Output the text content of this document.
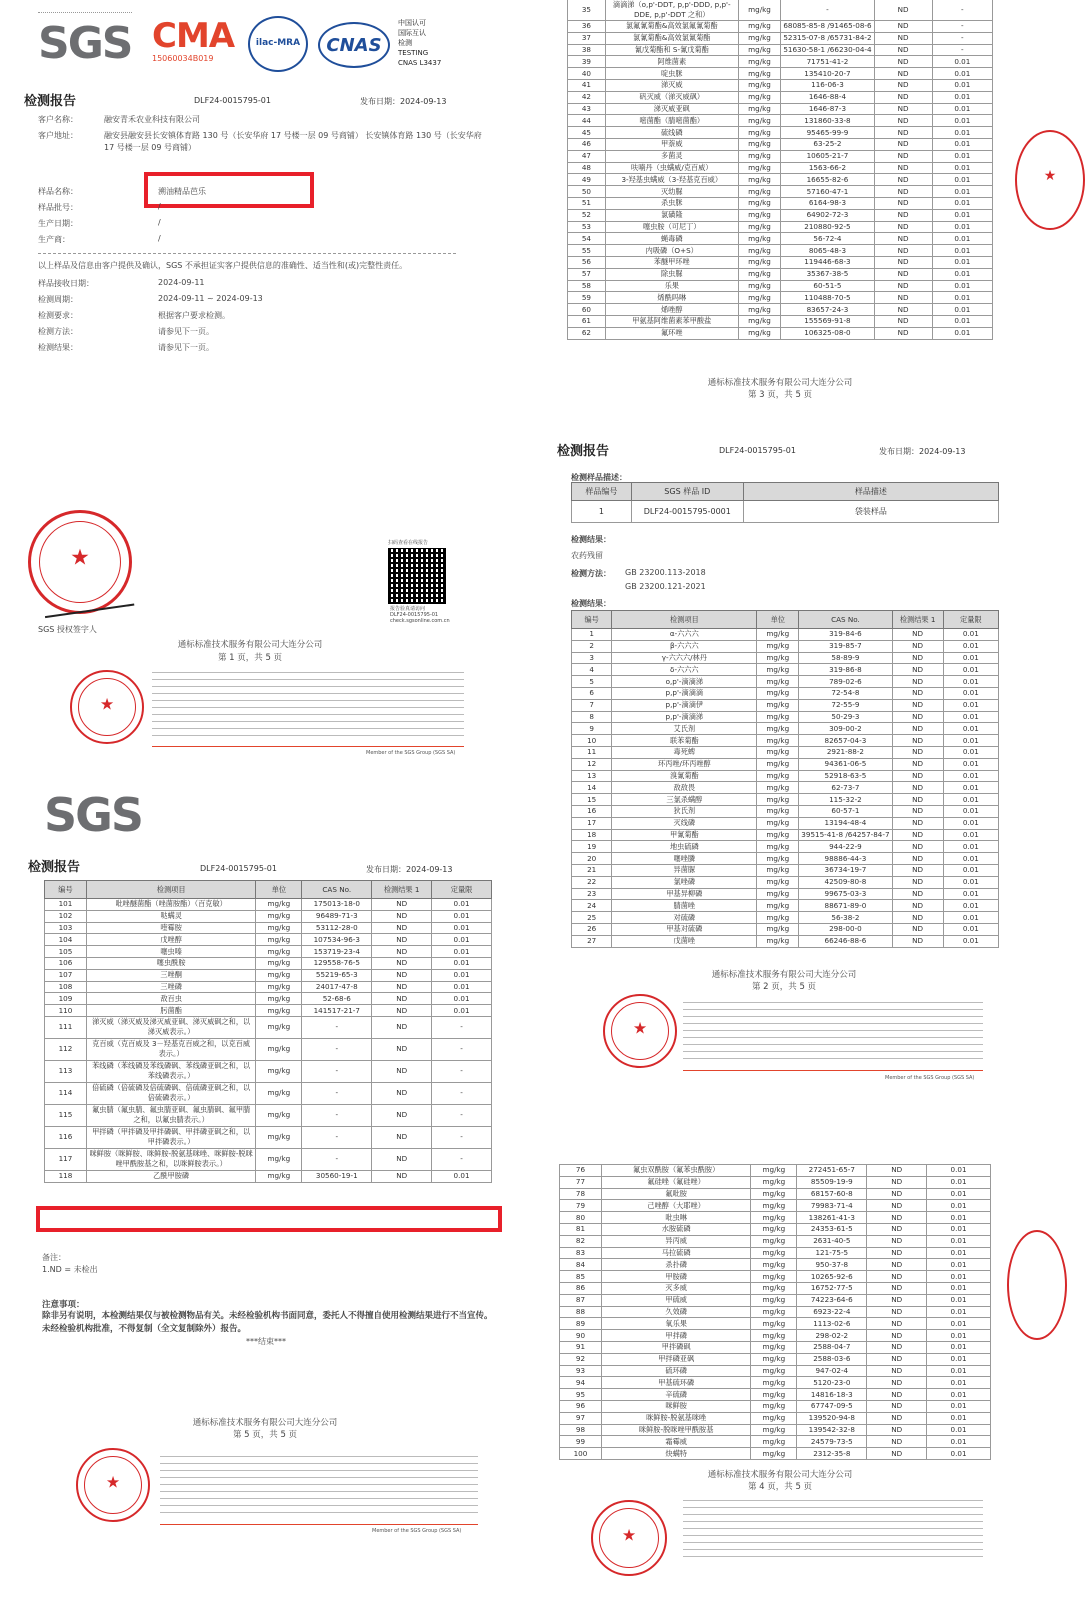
SGS CMA
15060034B019
ilac-MRA	CNAS
中国认可
国际互认
检测
TESTING
CNAS L3437
检测报告	DLF24-0015795-01	发布日期：2024-09-13
客户名称：	融安青禾农业科技有限公司
客户地址：	融安县融安县长安镇体育路 130 号（长安华府 17 号楼一层 09 号商铺） 长安镇体育路 130 号（长安华府 17 号楼一层 09 号商铺）
样品名称：	溯油精品芭乐
样品批号：	/
生产日期：	/
生产商：	/
以上样品及信息由客户提供及确认，SGS 不承担证实客户提供信息的准确性、适当性和(或)完整性责任。
样品接收日期：	2024-09-11
检测周期：	2024-09-11 ~ 2024-09-13
检测要求：	根据客户要求检测。
检测方法：	请参见下一页。
检测结果：	请参见下一页。
★
SGS 授权签字人
扫码查看在线报告
报告验真请访问
DLF24-0015795-01
check.sgsonline.com.cn
通标标准技术服务有限公司大连分公司
第 1 页，共 5 页
★
Member of the SGS Group (SGS SA)
35	滴滴涕（o,p'-DDT, p,p'-DDD, p,p'-DDE, p,p'-DDT 之和）	mg/kg	-	ND	-
36	氯氟氰菊酯&高效氯氟氰菊酯	mg/kg	68085-85-8 /91465-08-6	ND	-
37	氯氰菊酯&高效氯氰菊酯	mg/kg	52315-07-8 /65731-84-2	ND	-
38	氰戊菊酯和 S-氰戊菊酯	mg/kg	51630-58-1 /66230-04-4	ND	-
39	阿维菌素	mg/kg	71751-41-2	ND	0.01
40	啶虫脒	mg/kg	135410-20-7	ND	0.01
41	涕灭威	mg/kg	116-06-3	ND	0.01
42	矾灭威（涕灭威砜）	mg/kg	1646-88-4	ND	0.01
43	涕灭威亚砜	mg/kg	1646-87-3	ND	0.01
44	嘧菌酯（腈嘧菌酯）	mg/kg	131860-33-8	ND	0.01
45	硫线磷	mg/kg	95465-99-9	ND	0.01
46	甲萘威	mg/kg	63-25-2	ND	0.01
47	多菌灵	mg/kg	10605-21-7	ND	0.01
48	呋喃丹（虫螨威/克百威）	mg/kg	1563-66-2	ND	0.01
49	3-羟基虫螨威（3-羟基克百威）	mg/kg	16655-82-6	ND	0.01
50	灭幼脲	mg/kg	57160-47-1	ND	0.01
51	杀虫脒	mg/kg	6164-98-3	ND	0.01
52	氯磺隆	mg/kg	64902-72-3	ND	0.01
53	噻虫胺（可尼丁）	mg/kg	210880-92-5	ND	0.01
54	蝇毒磷	mg/kg	56-72-4	ND	0.01
55	内吸磷（O+S）	mg/kg	8065-48-3	ND	0.01
56	苯醚甲环唑	mg/kg	119446-68-3	ND	0.01
57	除虫脲	mg/kg	35367-38-5	ND	0.01
58	乐果	mg/kg	60-51-5	ND	0.01
59	烯酰吗啉	mg/kg	110488-70-5	ND	0.01
60	烯唑醇	mg/kg	83657-24-3	ND	0.01
61	甲氨基阿维菌素苯甲酸盐	mg/kg	155569-91-8	ND	0.01
62	氟环唑	mg/kg	106325-08-0	ND	0.01
通标标准技术服务有限公司大连分公司
第 3 页，共 5 页
★
检测报告	DLF24-0015795-01	发布日期：2024-09-13
检测样品描述：
样品编号	SGS 样品 ID	样品描述
1	DLF24-0015795-0001	袋装样品
检测结果：
农药残留
检测方法： GB 23200.113-2018
GB 23200.121-2021
检测结果：
编号	检测项目	单位	CAS No.	检测结果 1	定量限
1	α-六六六	mg/kg	319-84-6	ND	0.01
2	β-六六六	mg/kg	319-85-7	ND	0.01
3	γ-六六六/林丹	mg/kg	58-89-9	ND	0.01
4	δ-六六六	mg/kg	319-86-8	ND	0.01
5	o,p'-滴滴涕	mg/kg	789-02-6	ND	0.01
6	p,p'-滴滴滴	mg/kg	72-54-8	ND	0.01
7	p,p'-滴滴伊	mg/kg	72-55-9	ND	0.01
8	p,p'-滴滴涕	mg/kg	50-29-3	ND	0.01
9	艾氏剂	mg/kg	309-00-2	ND	0.01
10	联苯菊酯	mg/kg	82657-04-3	ND	0.01
11	毒死蜱	mg/kg	2921-88-2	ND	0.01
12	环丙唑/环丙唑醇	mg/kg	94361-06-5	ND	0.01
13	溴氰菊酯	mg/kg	52918-63-5	ND	0.01
14	敌敌畏	mg/kg	62-73-7	ND	0.01
15	三氯杀螨醇	mg/kg	115-32-2	ND	0.01
16	狄氏剂	mg/kg	60-57-1	ND	0.01
17	灭线磷	mg/kg	13194-48-4	ND	0.01
18	甲氰菊酯	mg/kg	39515-41-8 /64257-84-7	ND	0.01
19	地虫硫磷	mg/kg	944-22-9	ND	0.01
20	噻唑膦	mg/kg	98886-44-3	ND	0.01
21	异菌脲	mg/kg	36734-19-7	ND	0.01
22	氯唑磷	mg/kg	42509-80-8	ND	0.01
23	甲基异柳磷	mg/kg	99675-03-3	ND	0.01
24	腈菌唑	mg/kg	88671-89-0	ND	0.01
25	对硫磷	mg/kg	56-38-2	ND	0.01
26	甲基对硫磷	mg/kg	298-00-0	ND	0.01
27	戊菌唑	mg/kg	66246-88-6	ND	0.01
通标标准技术服务有限公司大连分公司
第 2 页，共 5 页
★
Member of the SGS Group (SGS SA)
SGS
检测报告	DLF24-0015795-01	发布日期：2024-09-13
编号	检测项目	单位	CAS No.	检测结果 1	定量限
101	吡唑醚菌酯（唑菌胺酯）（百克敏）	mg/kg	175013-18-0	ND	0.01
102	哒螨灵	mg/kg	96489-71-3	ND	0.01
103	喹霉胺	mg/kg	53112-28-0	ND	0.01
104	戊唑醇	mg/kg	107534-96-3	ND	0.01
105	噻虫嗪	mg/kg	153719-23-4	ND	0.01
106	噻虫酰胺	mg/kg	129558-76-5	ND	0.01
107	三唑酮	mg/kg	55219-65-3	ND	0.01
108	三唑磷	mg/kg	24017-47-8	ND	0.01
109	敌百虫	mg/kg	52-68-6	ND	0.01
110	肟菌酯	mg/kg	141517-21-7	ND	0.01
111	涕灭威（涕灭威及涕灭威亚砜、涕灭威砜之和，以涕灭威表示。）	mg/kg	-	ND	-
112	克百威（克百威及 3－羟基克百威之和，以克百威表示。）	mg/kg	-	ND	-
113	苯线磷（苯线磷及苯线磷砜、苯线磷亚砜之和，以苯线磷表示。）	mg/kg	-	ND	-
114	倍硫磷（倍硫磷及倍硫磷砜、倍硫磷亚砜之和，以倍硫磷表示。）	mg/kg	-	ND	-
115	氟虫腈（氟虫腈、氟虫腈亚砜、氟虫腈砜、氟甲腈之和，以氟虫腈表示。）	mg/kg	-	ND	-
116	甲拌磷（甲拌磷及甲拌磷砜、甲拌磷亚砜之和，以甲拌磷表示。）	mg/kg	-	ND	-
117	咪鲜胺（咪鲜胺、咪鲜胺-脱氨基咪唑、咪鲜胺-脱咪唑甲酰胺基之和，以咪鲜胺表示。）	mg/kg	-	ND	-
118	乙酰甲胺磷	mg/kg	30560-19-1	ND	0.01
备注：
1.ND = 未检出
注意事项：
除非另有说明，本检测结果仅与被检测物品有关。未经检验机构书面同意，委托人不得擅自使用检测结果进行不当宣传。未经检验机构批准，不得复制（全文复制除外）报告。
***结束***
通标标准技术服务有限公司大连分公司
第 5 页，共 5 页
★
Member of the SGS Group (SGS SA)
76	氟虫双酰胺（氟苯虫酰胺）	mg/kg	272451-65-7	ND	0.01
77	氟硅唑（氟硅唑）	mg/kg	85509-19-9	ND	0.01
78	氟吡胺	mg/kg	68157-60-8	ND	0.01
79	己唑醇（大耶唑）	mg/kg	79983-71-4	ND	0.01
80	吡虫啉	mg/kg	138261-41-3	ND	0.01
81	水胺硫磷	mg/kg	24353-61-5	ND	0.01
82	异丙威	mg/kg	2631-40-5	ND	0.01
83	马拉硫磷	mg/kg	121-75-5	ND	0.01
84	杀扑磷	mg/kg	950-37-8	ND	0.01
85	甲胺磷	mg/kg	10265-92-6	ND	0.01
86	灭多威	mg/kg	16752-77-5	ND	0.01
87	甲硫威	mg/kg	74223-64-6	ND	0.01
88	久效磷	mg/kg	6923-22-4	ND	0.01
89	氧乐果	mg/kg	1113-02-6	ND	0.01
90	甲拌磷	mg/kg	298-02-2	ND	0.01
91	甲拌磷砜	mg/kg	2588-04-7	ND	0.01
92	甲拌磷亚砜	mg/kg	2588-03-6	ND	0.01
93	硫环磷	mg/kg	947-02-4	ND	0.01
94	甲基硫环磷	mg/kg	5120-23-0	ND	0.01
95	辛硫磷	mg/kg	14816-18-3	ND	0.01
96	咪鲜胺	mg/kg	67747-09-5	ND	0.01
97	咪鲜胺-脱氨基咪唑	mg/kg	139520-94-8	ND	0.01
98	咪鲜胺-脱咪唑甲酰胺基	mg/kg	139542-32-8	ND	0.01
99	霜霉威	mg/kg	24579-73-5	ND	0.01
100	炔螨特	mg/kg	2312-35-8	ND	0.01
通标标准技术服务有限公司大连分公司
第 4 页，共 5 页
★
